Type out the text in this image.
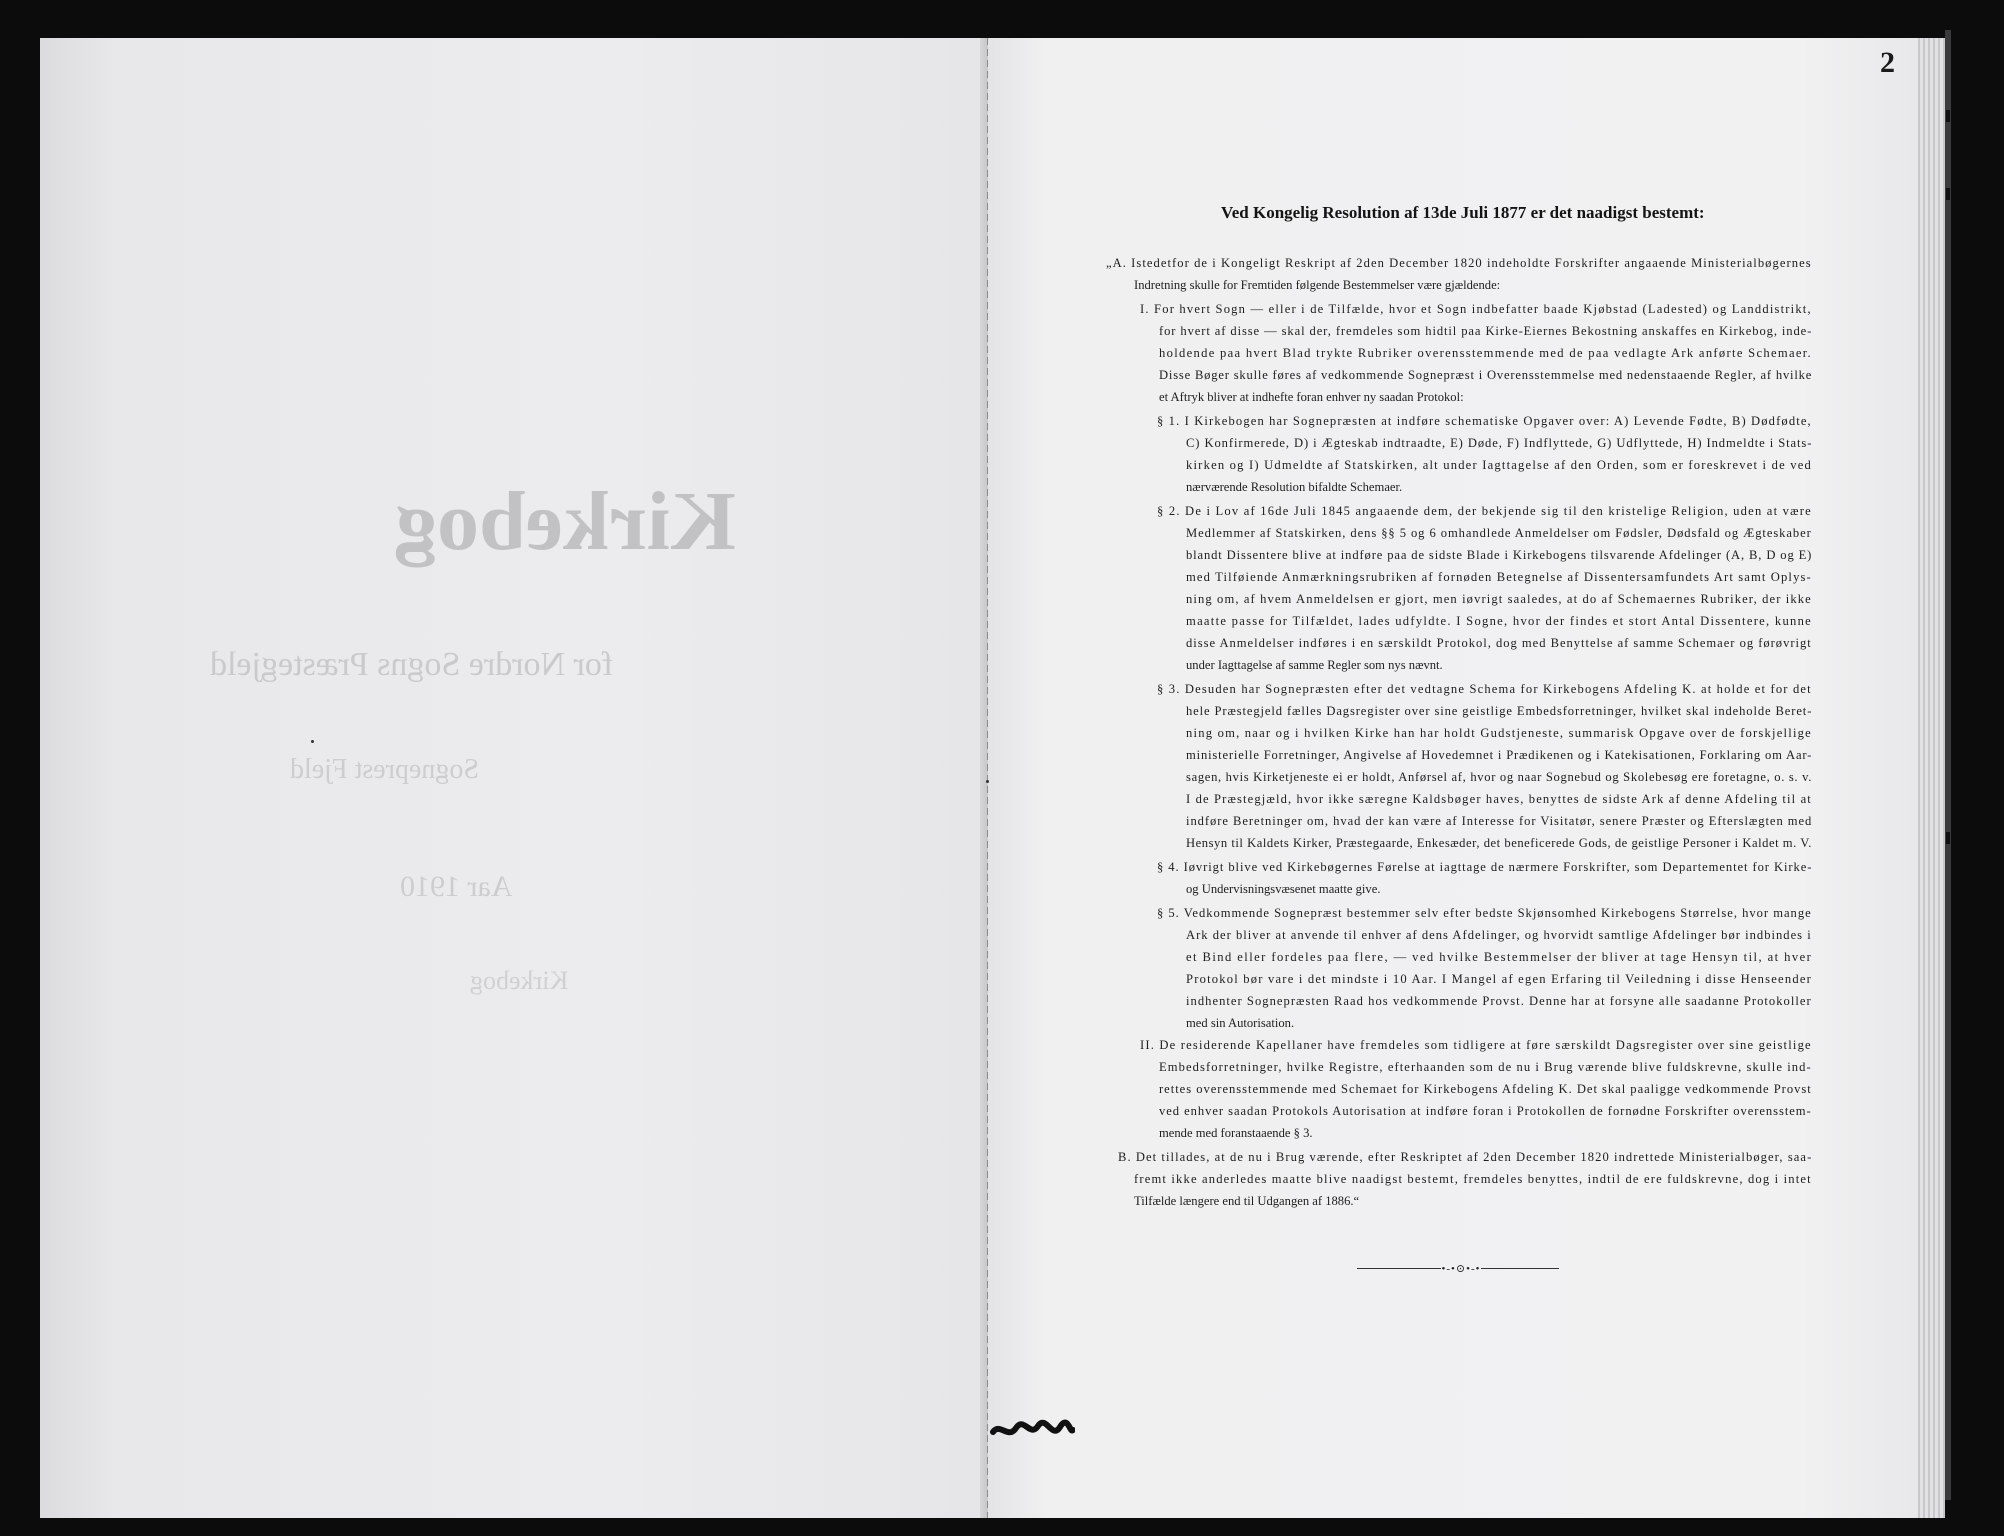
Kirkebog
for Nordre Sogns Præstegjeld
Sogneprest Fjeld
Aar 1910
Kirkebog
2
Ved Kongelig Resolution af 13de Juli 1877 er det naadigst bestemt:
„A. Istedetfor de i Kongeligt Reskript af 2den December 1820 indeholdte Forskrifter angaaende Ministerialbøgernes
Indretning skulle for Fremtiden følgende Bestemmelser være gjældende:
I. For hvert Sogn — eller i de Tilfælde, hvor et Sogn indbefatter baade Kjøbstad (Ladested) og Landdistrikt,
for hvert af disse — skal der, fremdeles som hidtil paa Kirke-Eiernes Bekostning anskaffes en Kirkebog, inde-
holdende paa hvert Blad trykte Rubriker overensstemmende med de paa vedlagte Ark anførte Schemaer.
Disse Bøger skulle føres af vedkommende Sognepræst i Overensstemmelse med nedenstaaende Regler, af hvilke
et Aftryk bliver at indhefte foran enhver ny saadan Protokol:
§ 1. I Kirkebogen har Sognepræsten at indføre schematiske Opgaver over: A) Levende Fødte, B) Dødfødte,
C) Konfirmerede, D) i Ægteskab indtraadte, E) Døde, F) Indflyttede, G) Udflyttede, H) Indmeldte i Stats-
kirken og I) Udmeldte af Statskirken, alt under Iagttagelse af den Orden, som er foreskrevet i de ved
nærværende Resolution bifaldte Schemaer.
§ 2. De i Lov af 16de Juli 1845 angaaende dem, der bekjende sig til den kristelige Religion, uden at være
Medlemmer af Statskirken, dens §§ 5 og 6 omhandlede Anmeldelser om Fødsler, Dødsfald og Ægteskaber
blandt Dissentere blive at indføre paa de sidste Blade i Kirkebogens tilsvarende Afdelinger (A, B, D og E)
med Tilføiende Anmærkningsrubriken af fornøden Betegnelse af Dissentersamfundets Art samt Oplys-
ning om, af hvem Anmeldelsen er gjort, men iøvrigt saaledes, at do af Schemaernes Rubriker, der ikke
maatte passe for Tilfældet, lades udfyldte. I Sogne, hvor der findes et stort Antal Dissentere, kunne
disse Anmeldelser indføres i en særskildt Protokol, dog med Benyttelse af samme Schemaer og førøvrigt
under Iagttagelse af samme Regler som nys nævnt.
§ 3. Desuden har Sognepræsten efter det vedtagne Schema for Kirkebogens Afdeling K. at holde et for det
hele Præstegjeld fælles Dagsregister over sine geistlige Embedsforretninger, hvilket skal indeholde Beret-
ning om, naar og i hvilken Kirke han har holdt Gudstjeneste, summarisk Opgave over de forskjellige
ministerielle Forretninger, Angivelse af Hovedemnet i Prædikenen og i Katekisationen, Forklaring om Aar-
sagen, hvis Kirketjeneste ei er holdt, Anførsel af, hvor og naar Sognebud og Skolebesøg ere foretagne, o. s. v.
I de Præstegjæld, hvor ikke særegne Kaldsbøger haves, benyttes de sidste Ark af denne Afdeling til at
indføre Beretninger om, hvad der kan være af Interesse for Visitatør, senere Præster og Efterslægten med
Hensyn til Kaldets Kirker, Præstegaarde, Enkesæder, det beneficerede Gods, de geistlige Personer i Kaldet m. V.
§ 4. Iøvrigt blive ved Kirkebøgernes Førelse at iagttage de nærmere Forskrifter, som Departementet for Kirke-
og Undervisningsvæsenet maatte give.
§ 5. Vedkommende Sognepræst bestemmer selv efter bedste Skjønsomhed Kirkebogens Størrelse, hvor mange
Ark der bliver at anvende til enhver af dens Afdelinger, og hvorvidt samtlige Afdelinger bør indbindes i
et Bind eller fordeles paa flere, — ved hvilke Bestemmelser der bliver at tage Hensyn til, at hver
Protokol bør vare i det mindste i 10 Aar. I Mangel af egen Erfaring til Veiledning i disse Henseender
indhenter Sognepræsten Raad hos vedkommende Provst. Denne har at forsyne alle saadanne Protokoller
med sin Autorisation.
II. De residerende Kapellaner have fremdeles som tidligere at føre særskildt Dagsregister over sine geistlige
Embedsforretninger, hvilke Registre, efterhaanden som de nu i Brug værende blive fuldskrevne, skulle ind-
rettes overensstemmende med Schemaet for Kirkebogens Afdeling K. Det skal paaligge vedkommende Provst
ved enhver saadan Protokols Autorisation at indføre foran i Protokollen de fornødne Forskrifter overensstem-
mende med foranstaaende § 3.
B. Det tillades, at de nu i Brug værende, efter Reskriptet af 2den December 1820 indrettede Ministerialbøger, saa-
fremt ikke anderledes maatte blive naadigst bestemt, fremdeles benyttes, indtil de ere fuldskrevne, dog i intet
Tilfælde længere end til Udgangen af 1886.“
•-•⊙•-•
